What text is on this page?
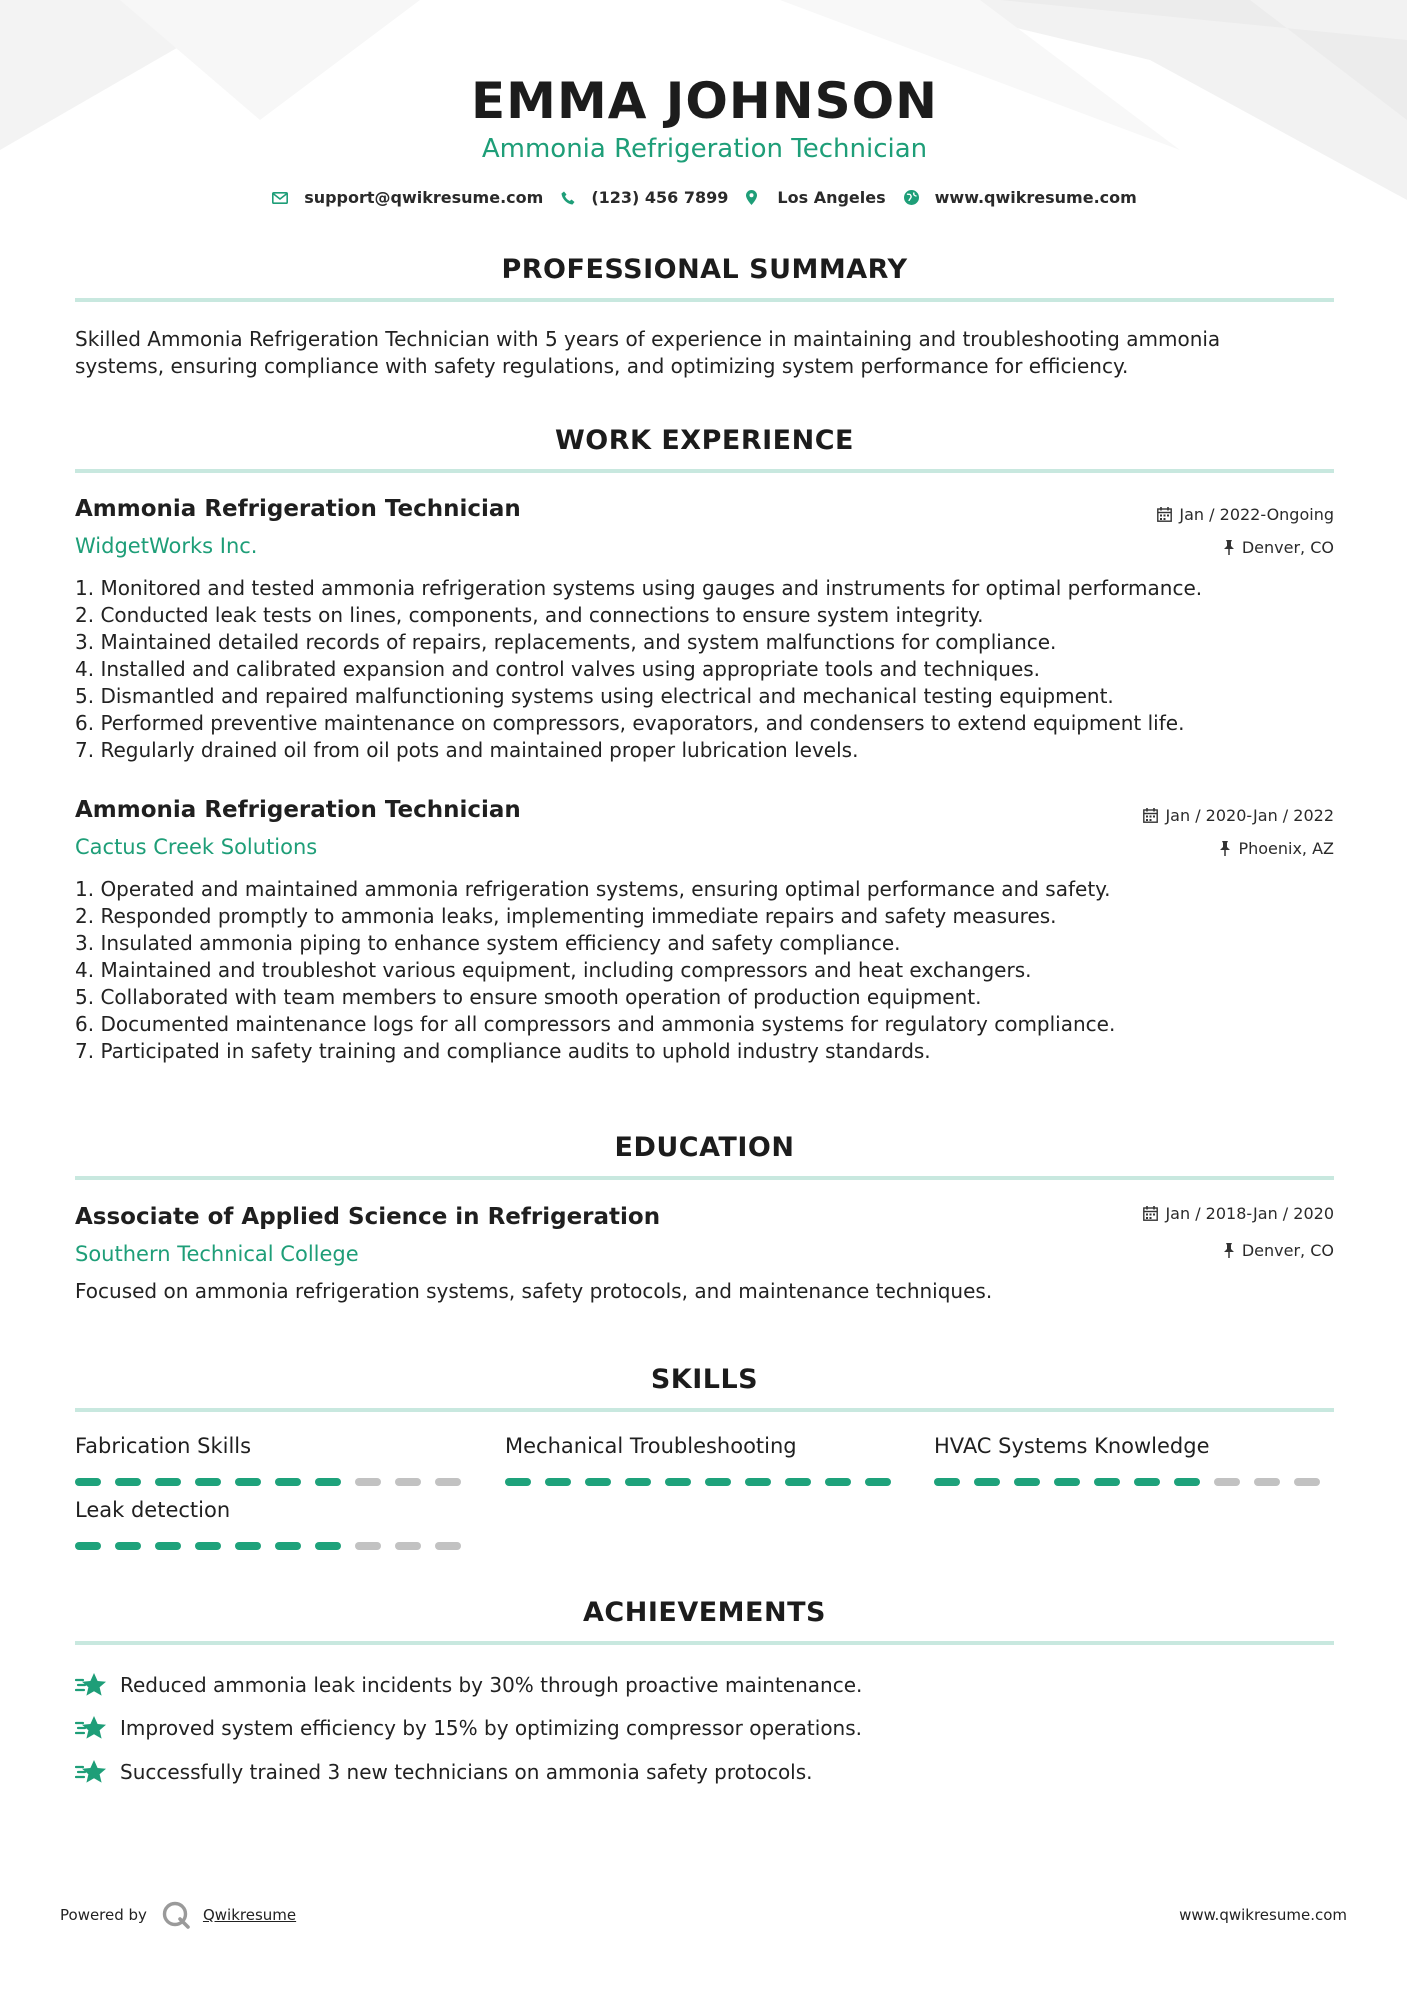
EMMA JOHNSON
Ammonia Refrigeration Technician
support@qwikresume.com	(123) 456 7899	Los Angeles	www.qwikresume.com
PROFESSIONAL SUMMARY
Skilled Ammonia Refrigeration Technician with 5 years of experience in maintaining and troubleshooting ammonia
systems, ensuring compliance with safety regulations, and optimizing system performance for efficiency.
WORK EXPERIENCE
Ammonia Refrigeration Technician	Jan / 2022-Ongoing
WidgetWorks Inc.	Denver, CO
1. Monitored and tested ammonia refrigeration systems using gauges and instruments for optimal performance.
2. Conducted leak tests on lines, components, and connections to ensure system integrity.
3. Maintained detailed records of repairs, replacements, and system malfunctions for compliance.
4. Installed and calibrated expansion and control valves using appropriate tools and techniques.
5. Dismantled and repaired malfunctioning systems using electrical and mechanical testing equipment.
6. Performed preventive maintenance on compressors, evaporators, and condensers to extend equipment life.
7. Regularly drained oil from oil pots and maintained proper lubrication levels.
Ammonia Refrigeration Technician	Jan / 2020-Jan / 2022
Cactus Creek Solutions	Phoenix, AZ
1. Operated and maintained ammonia refrigeration systems, ensuring optimal performance and safety.
2. Responded promptly to ammonia leaks, implementing immediate repairs and safety measures.
3. Insulated ammonia piping to enhance system efficiency and safety compliance.
4. Maintained and troubleshot various equipment, including compressors and heat exchangers.
5. Collaborated with team members to ensure smooth operation of production equipment.
6. Documented maintenance logs for all compressors and ammonia systems for regulatory compliance.
7. Participated in safety training and compliance audits to uphold industry standards.
EDUCATION
Associate of Applied Science in Refrigeration	Jan / 2018-Jan / 2020
Southern Technical College	Denver, CO
Focused on ammonia refrigeration systems, safety protocols, and maintenance techniques.
SKILLS
Fabrication Skills	Mechanical Troubleshooting	HVAC Systems Knowledge
Leak detection
ACHIEVEMENTS
Reduced ammonia leak incidents by 30% through proactive maintenance.
Improved system efficiency by 15% by optimizing compressor operations.
Successfully trained 3 new technicians on ammonia safety protocols.
Powered by	Qwikresume	www.qwikresume.com
